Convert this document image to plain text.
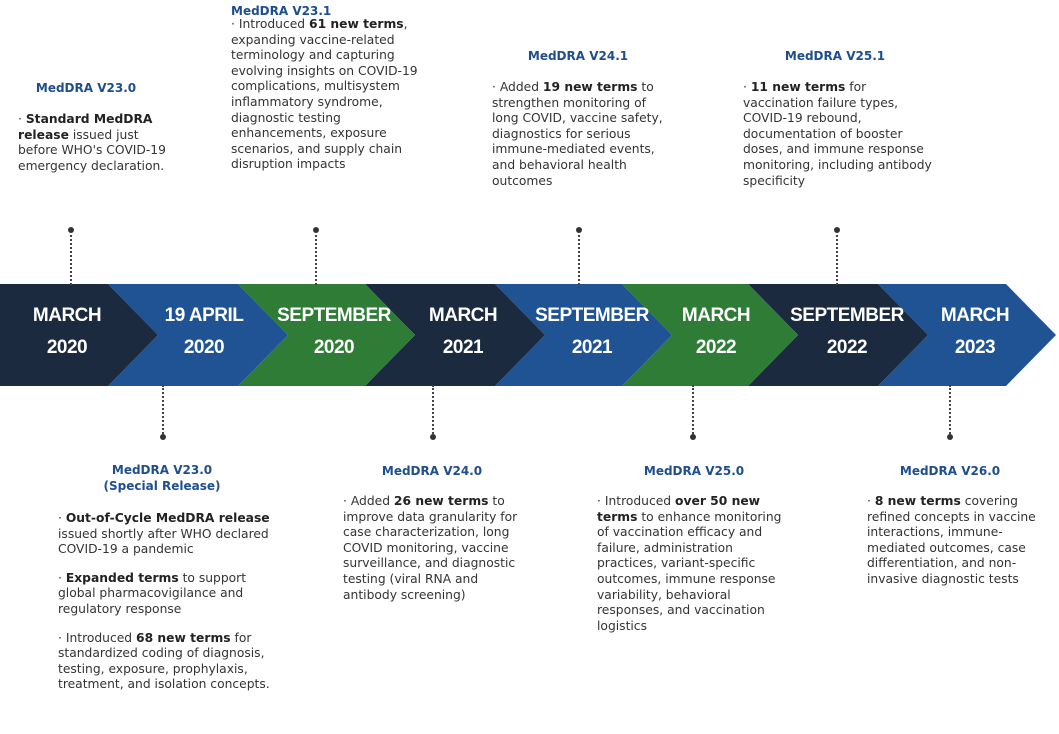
MARCH
2020
19 APRIL
2020
SEPTEMBER
2020
MARCH
2021
SEPTEMBER
2021
MARCH
2022
SEPTEMBER
2022
MARCH
2023
MedDRA V23.0

· Standard MedDRA release issued just before WHO's COVID-19 emergency declaration.

MedDRA V23.1

· Introduced 61 new terms, expanding vaccine-related terminology and capturing evolving insights on COVID-19 complications, multisystem inflammatory syndrome, diagnostic testing enhancements, exposure scenarios, and supply chain disruption impacts

MedDRA V24.1

· Added 19 new terms to strengthen monitoring of long COVID, vaccine safety, diagnostics for serious immune-mediated events, and behavioral health outcomes

MedDRA V25.1

· 11 new terms for vaccination failure types, COVID-19 rebound, documentation of booster doses, and immune response monitoring, including antibody specificity

MedDRA V23.0
(Special Release)

· Out-of-Cycle MedDRA release issued shortly after WHO declared COVID-19 a pandemic

· Expanded terms to support global pharmacovigilance and regulatory response

· Introduced 68 new terms for standardized coding of diagnosis, testing, exposure, prophylaxis, treatment, and isolation concepts.

MedDRA V24.0

· Added 26 new terms to improve data granularity for case characterization, long COVID monitoring, vaccine surveillance, and diagnostic testing (viral RNA and antibody screening)

MedDRA V25.0

· Introduced over 50 new terms to enhance monitoring of vaccination efficacy and failure, administration practices, variant-specific outcomes, immune response variability, behavioral responses, and vaccination logistics

MedDRA V26.0

· 8 new terms covering refined concepts in vaccine interactions, immune-mediated outcomes, case differentiation, and non-invasive diagnostic tests
